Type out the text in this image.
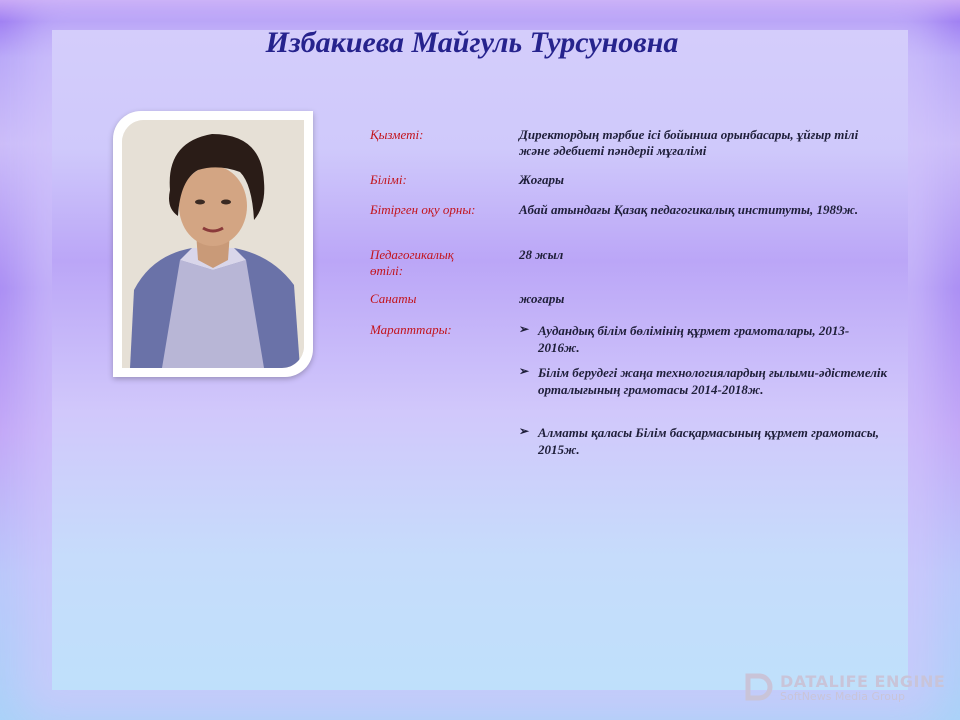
Избакиева Майгуль Турсуновна
Қызметі:	Директордың тәрбие ісі бойынша орынбасары, ұйғыр тілі және әдебиеті пәндеріі мұғалімі
Білімі:	Жоғары
Бітірген оқу орны:	Абай атындағы Қазақ педагогикалық институты, 1989ж.
Педагогикалық өтілі:
28 жыл
Санаты	жоғары
Марапттары:	➢ Аудандық білім бөлімінің құрмет грамоталары, 2013-2016ж.
➢ Білім берудегі жаңа технологиялардың ғылыми-әдістемелік орталығының грамотасы 2014-2018ж.
➢ Алматы қаласы Білім басқармасының құрмет грамотасы, 2015ж.
DATALIFE ENGINE
SoftNews Media Group
